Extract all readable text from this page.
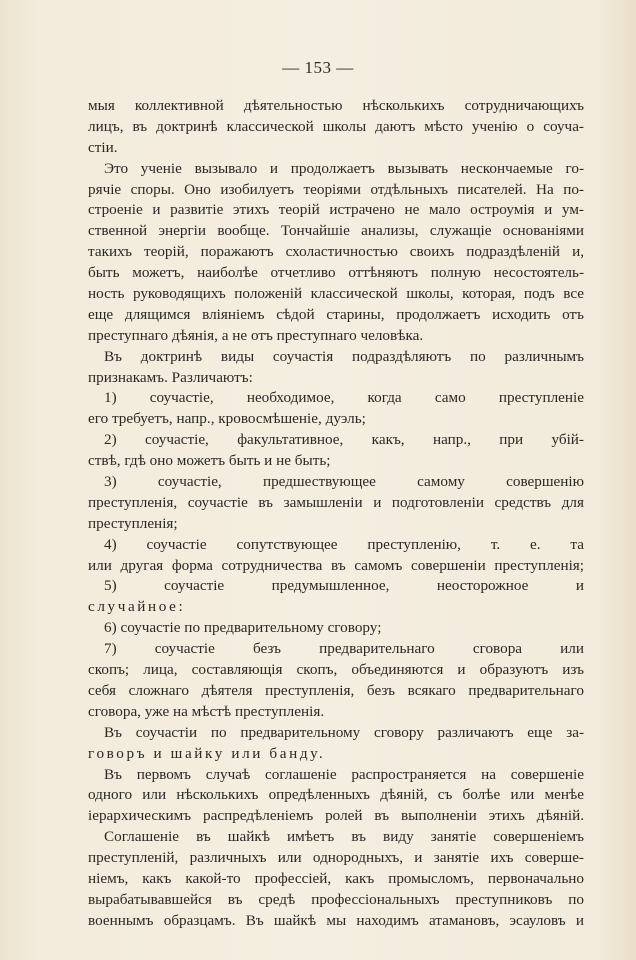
— 153 —
мыя коллективной дѣятельностью нѣсколькихъ сотрудничающихъ
лицъ, въ доктринѣ классической школы даютъ мѣсто ученію о соуча-
стіи.
Это ученіе вызывало и продолжаетъ вызывать нескончаемые го-
рячіе споры. Оно изобилуетъ теоріями отдѣльныхъ писателей. На по-
строеніе и развитіе этихъ теорій истрачено не мало остроумія и ум-
ственной энергіи вообще. Тончайшіе анализы, служащіе основаніями
такихъ теорій, поражаютъ схоластичностью своихъ подраздѣленій и,
быть можетъ, наиболѣе отчетливо оттѣняютъ полную несостоятель-
ность руководящихъ положеній классической школы, которая, подъ все
еще длящимся вліяніемъ сѣдой старины, продолжаетъ исходить отъ
преступнаго дѣянія, а не отъ преступнаго человѣка.
Въ доктринѣ виды соучастія подраздѣляютъ по различнымъ
признакамъ. Различаютъ:
1) соучастіе, необходимое, когда само преступленіе
его требуетъ, напр., кровосмѣшеніе, дуэль;
2) соучастіе, факультативное, какъ, напр., при убій-
ствѣ, гдѣ оно можетъ быть и не быть;
3) соучастіе, предшествующее самому совершенію
преступленія, соучастіе въ замышленіи и подготовленіи средствъ для
преступленія;
4) соучастіе сопутствующее преступленію, т. е. та
или другая форма сотрудничества въ самомъ совершеніи преступленія;
5) соучастіе предумышленное, неосторожное и
случайное:
6) соучастіе по предварительному сговору;
7) соучастіе безъ предварительнаго сговора или
скопъ; лица, составляющія скопъ, объединяются и образуютъ изъ
себя сложнаго дѣятеля преступленія, безъ всякаго предварительнаго
сговора, уже на мѣстѣ преступленія.
Въ соучастіи по предварительному сговору различаютъ еще за-
говоръ и шайку или банду.
Въ первомъ случаѣ соглашеніе распространяется на совершеніе
одного или нѣсколькихъ опредѣленныхъ дѣяній, съ болѣе или менѣе
іерархическимъ распредѣленіемъ ролей въ выполненіи этихъ дѣяній.
Соглашеніе въ шайкѣ имѣетъ въ виду занятіе совершеніемъ
преступленій, различныхъ или однородныхъ, и занятіе ихъ соверше-
ніемъ, какъ какой-то профессіей, какъ промысломъ, первоначально
вырабатывавшейся въ средѣ профессіональныхъ преступниковъ по
военнымъ образцамъ. Въ шайкѣ мы находимъ атамановъ, эсауловъ и
